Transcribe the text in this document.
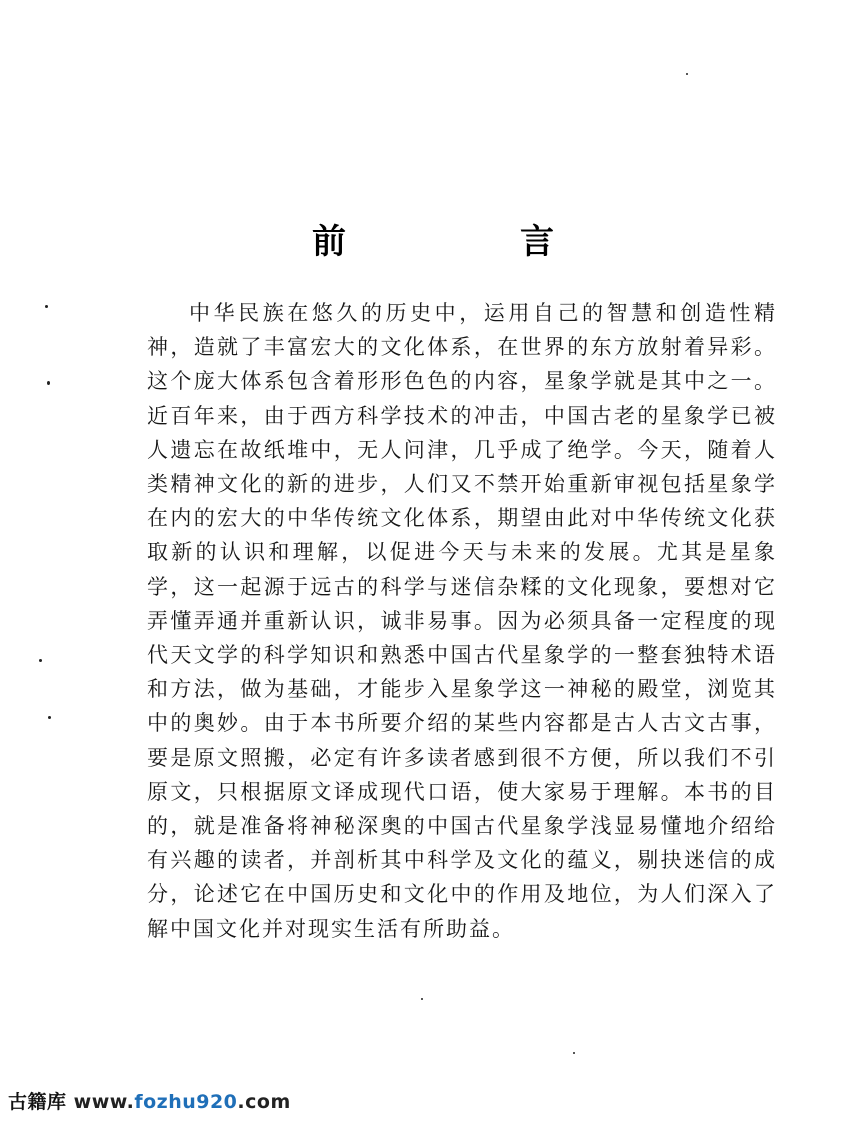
前　言

中华民族在悠久的历史中，运用自己的智慧和创造性精神，造就了丰富宏大的文化体系，在世界的东方放射着异彩。这个庞大体系包含着形形色色的内容，星象学就是其中之一。近百年来，由于西方科学技术的冲击，中国古老的星象学已被人遗忘在故纸堆中，无人问津，几乎成了绝学。今天，随着人类精神文化的新的进步，人们又不禁开始重新审视包括星象学在内的宏大的中华传统文化体系，期望由此对中华传统文化获取新的认识和理解，以促进今天与未来的发展。尤其是星象学，这一起源于远古的科学与迷信杂糅的文化现象，要想对它弄懂弄通并重新认识，诚非易事。因为必须具备一定程度的现代天文学的科学知识和熟悉中国古代星象学的一整套独特术语和方法，做为基础，才能步入星象学这一神秘的殿堂，浏览其中的奥妙。由于本书所要介绍的某些内容都是古人古文古事，要是原文照搬，必定有许多读者感到很不方便，所以我们不引原文，只根据原文译成现代口语，使大家易于理解。本书的目的，就是准备将神秘深奥的中国古代星象学浅显易懂地介绍给有兴趣的读者，并剖析其中科学及文化的蕴义，剔抉迷信的成分，论述它在中国历史和文化中的作用及地位，为人们深入了解中国文化并对现实生活有所助益。

古籍库 www.fozhu920.com
